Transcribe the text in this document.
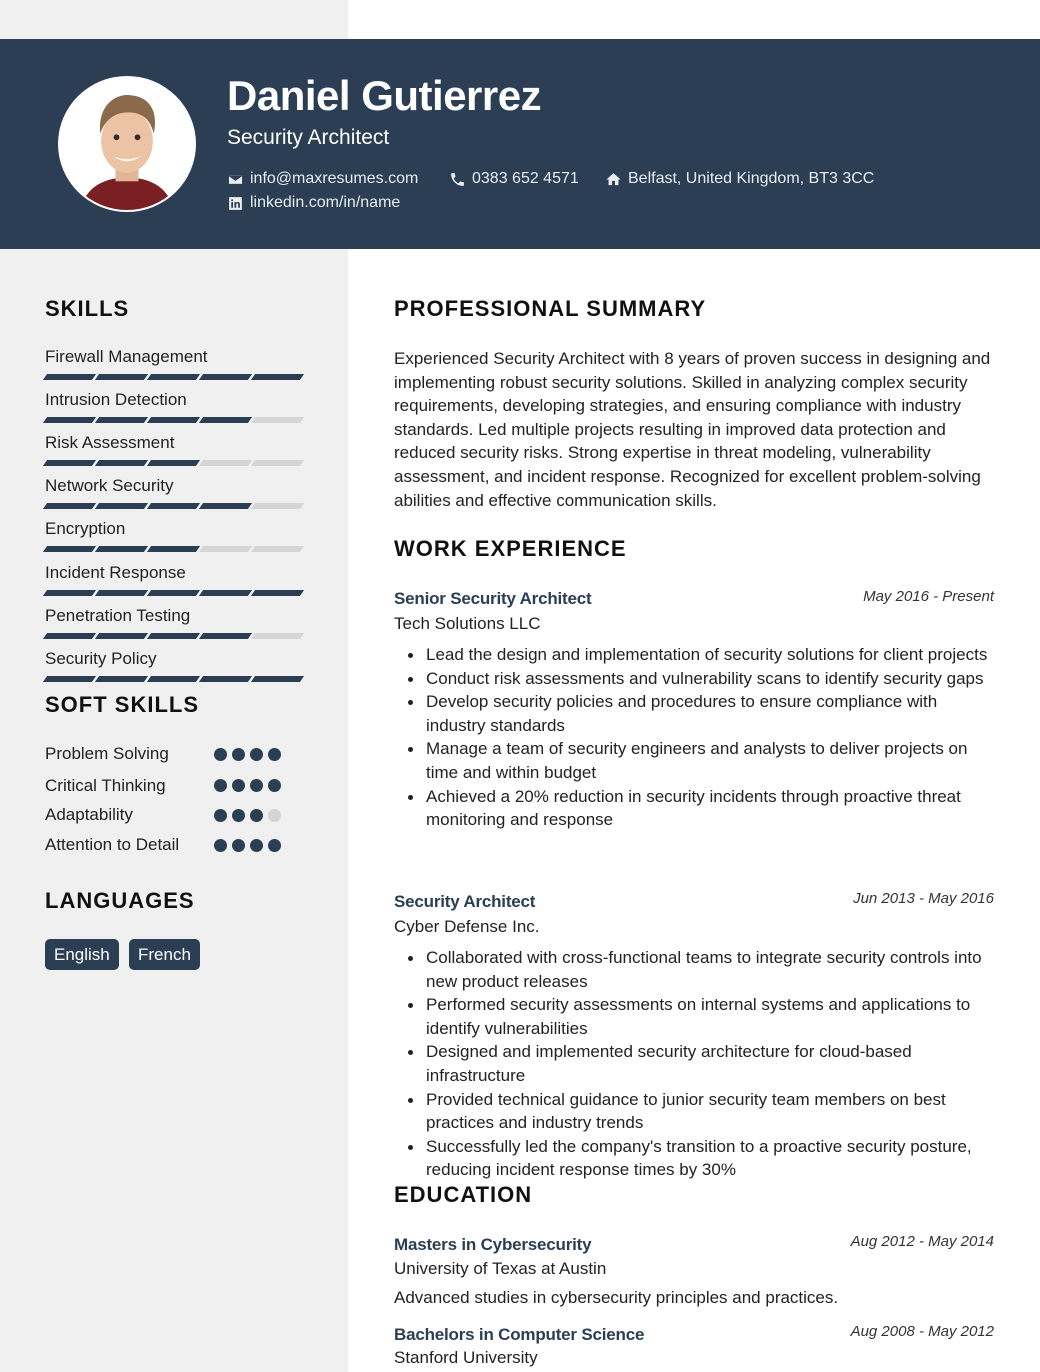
Daniel Gutierrez
Security Architect
info@maxresumes.com	0383 652 4571	Belfast, United Kingdom, BT3 3CC
linkedin.com/in/name
SKILLS
Firewall Management
Intrusion Detection
Risk Assessment
Network Security
Encryption
Incident Response
Penetration Testing
Security Policy
SOFT SKILLS
Problem Solving
Critical Thinking
Adaptability
Attention to Detail
LANGUAGES
English	French
PROFESSIONAL SUMMARY
Experienced Security Architect with 8 years of proven success in designing and implementing robust security solutions. Skilled in analyzing complex security requirements, developing strategies, and ensuring compliance with industry standards. Led multiple projects resulting in improved data protection and reduced security risks. Strong expertise in threat modeling, vulnerability assessment, and incident response. Recognized for excellent problem-solving abilities and effective communication skills.
WORK EXPERIENCE
Senior Security Architect	May 2016 - Present
Tech Solutions LLC
Lead the design and implementation of security solutions for client projects
Conduct risk assessments and vulnerability scans to identify security gaps
Develop security policies and procedures to ensure compliance with industry standards
Manage a team of security engineers and analysts to deliver projects on time and within budget
Achieved a 20% reduction in security incidents through proactive threat monitoring and response
Security Architect	Jun 2013 - May 2016
Cyber Defense Inc.
Collaborated with cross-functional teams to integrate security controls into new product releases
Performed security assessments on internal systems and applications to identify vulnerabilities
Designed and implemented security architecture for cloud-based infrastructure
Provided technical guidance to junior security team members on best practices and industry trends
Successfully led the company's transition to a proactive security posture, reducing incident response times by 30%
EDUCATION
Masters in Cybersecurity	Aug 2012 - May 2014
University of Texas at Austin
Advanced studies in cybersecurity principles and practices.
Bachelors in Computer Science	Aug 2008 - May 2012
Stanford University
